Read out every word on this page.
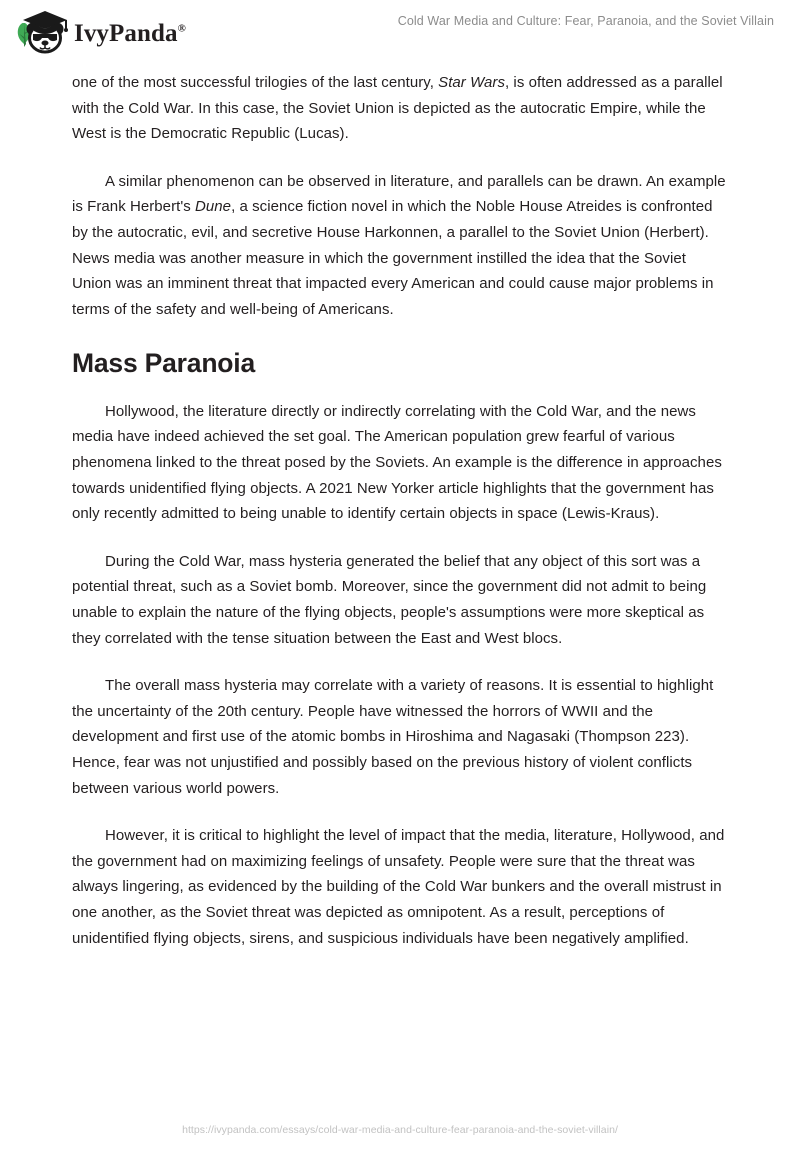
IvyPanda®
Cold War Media and Culture: Fear, Paranoia, and the Soviet Villain

one of the most successful trilogies of the last century, Star Wars, is often addressed as a parallel with the Cold War. In this case, the Soviet Union is depicted as the autocratic Empire, while the West is the Democratic Republic (Lucas).

A similar phenomenon can be observed in literature, and parallels can be drawn. An example is Frank Herbert's Dune, a science fiction novel in which the Noble House Atreides is confronted by the autocratic, evil, and secretive House Harkonnen, a parallel to the Soviet Union (Herbert). News media was another measure in which the government instilled the idea that the Soviet Union was an imminent threat that impacted every American and could cause major problems in terms of the safety and well-being of Americans.

Mass Paranoia

Hollywood, the literature directly or indirectly correlating with the Cold War, and the news media have indeed achieved the set goal. The American population grew fearful of various phenomena linked to the threat posed by the Soviets. An example is the difference in approaches towards unidentified flying objects. A 2021 New Yorker article highlights that the government has only recently admitted to being unable to identify certain objects in space (Lewis-Kraus).

During the Cold War, mass hysteria generated the belief that any object of this sort was a potential threat, such as a Soviet bomb. Moreover, since the government did not admit to being unable to explain the nature of the flying objects, people's assumptions were more skeptical as they correlated with the tense situation between the East and West blocs.

The overall mass hysteria may correlate with a variety of reasons. It is essential to highlight the uncertainty of the 20th century. People have witnessed the horrors of WWII and the development and first use of the atomic bombs in Hiroshima and Nagasaki (Thompson 223). Hence, fear was not unjustified and possibly based on the previous history of violent conflicts between various world powers.

However, it is critical to highlight the level of impact that the media, literature, Hollywood, and the government had on maximizing feelings of unsafety. People were sure that the threat was always lingering, as evidenced by the building of the Cold War bunkers and the overall mistrust in one another, as the Soviet threat was depicted as omnipotent. As a result, perceptions of unidentified flying objects, sirens, and suspicious individuals have been negatively amplified.

https://ivypanda.com/essays/cold-war-media-and-culture-fear-paranoia-and-the-soviet-villain/
